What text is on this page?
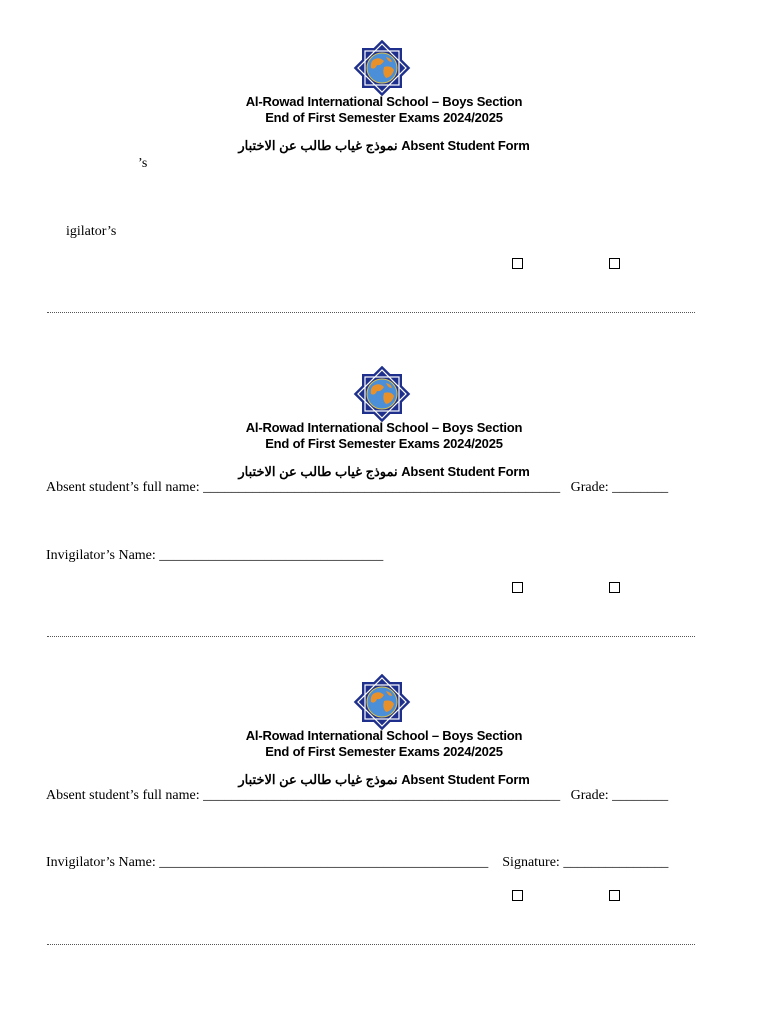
Al-Rowad International School – Boys Section
End of First Semester Exams 2024/2025
نموذج غياب طالب عن الاختبار Absent Student Form
’s
igilator’s
Al-Rowad International School – Boys Section
End of First Semester Exams 2024/2025
نموذج غياب طالب عن الاختبار Absent Student Form
Absent student’s full name: ___________________________________________________   Grade: ________
Invigilator’s Name: ________________________________
Al-Rowad International School – Boys Section
End of First Semester Exams 2024/2025
نموذج غياب طالب عن الاختبار Absent Student Form
Absent student’s full name: ___________________________________________________   Grade: ________
Invigilator’s Name: _______________________________________________    Signature: _______________
